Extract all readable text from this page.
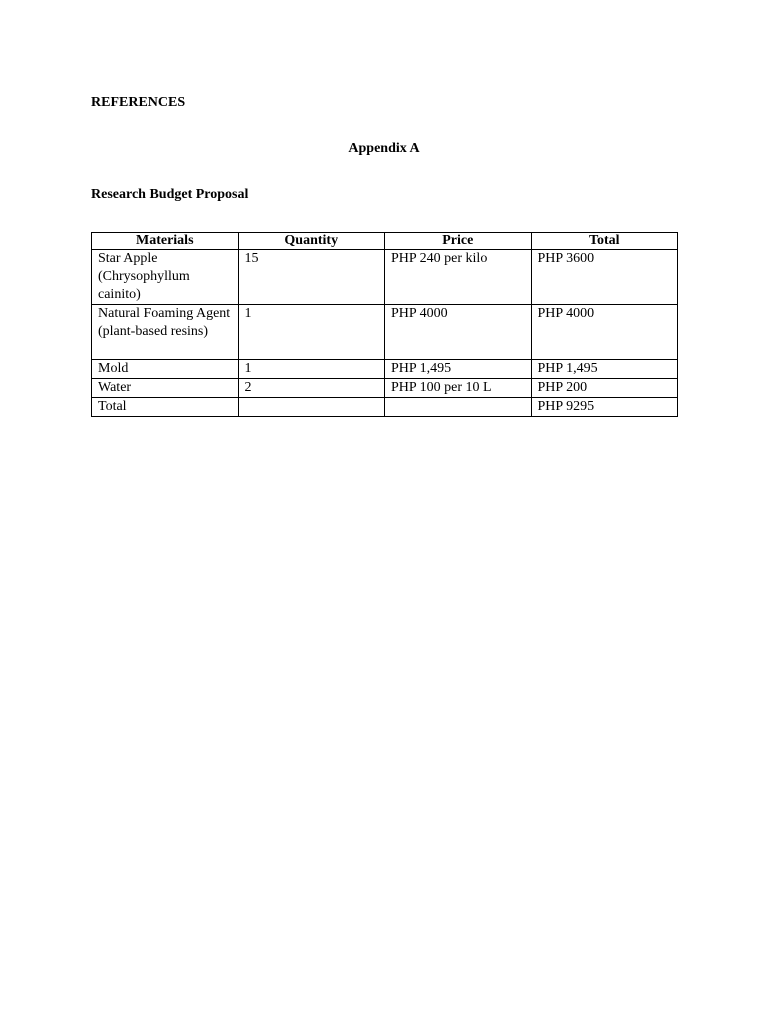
REFERENCES
Appendix A
Research Budget Proposal
Materials	Quantity	Price	Total
Star Apple (Chrysophyllum cainito)	15	PHP 240 per kilo	PHP 3600
Natural Foaming Agent (plant-based resins)	1	PHP 4000	PHP 4000
Mold	1	PHP 1,495	PHP 1,495
Water	2	PHP 100 per 10 L	PHP 200
Total			PHP 9295
